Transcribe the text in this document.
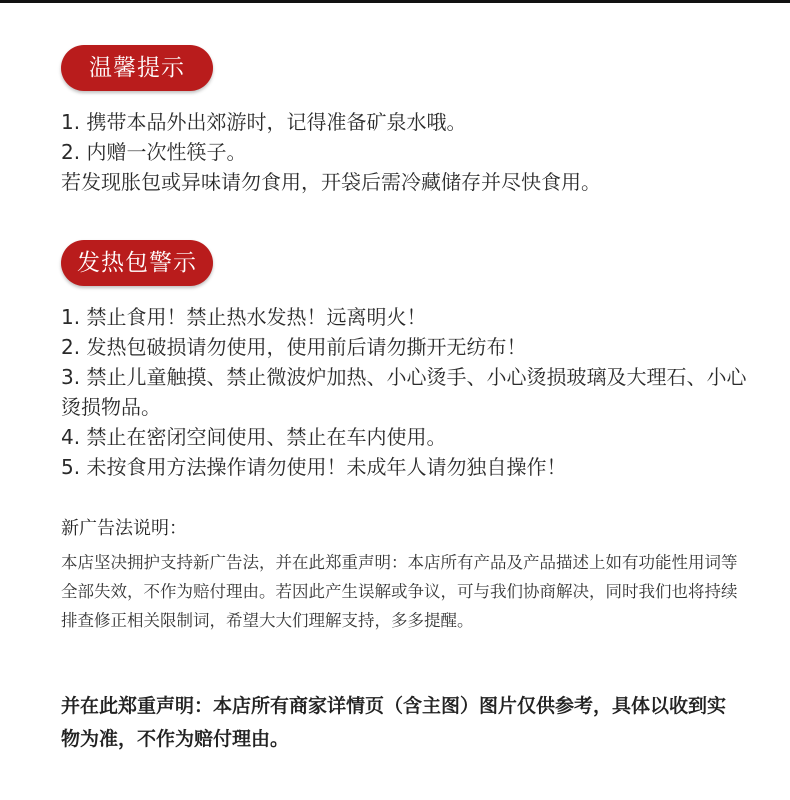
温馨提示
1. 携带本品外出郊游时，记得准备矿泉水哦。
2. 内赠一次性筷子。
若发现胀包或异味请勿食用，开袋后需冷藏储存并尽快食用。
发热包警示
1. 禁止食用！禁止热水发热！远离明火！
2. 发热包破损请勿使用，使用前后请勿撕开无纺布！
3. 禁止儿童触摸、禁止微波炉加热、小心烫手、小心烫损玻璃及大理石、小心烫损物品。
4. 禁止在密闭空间使用、禁止在车内使用。
5. 未按食用方法操作请勿使用！未成年人请勿独自操作！
新广告法说明：
本店坚决拥护支持新广告法，并在此郑重声明：本店所有产品及产品描述上如有功能性用词等全部失效，不作为赔付理由。若因此产生误解或争议，可与我们协商解决，同时我们也将持续排查修正相关限制词，希望大大们理解支持，多多提醒。
并在此郑重声明：本店所有商家详情页（含主图）图片仅供参考，具体以收到实物为准，不作为赔付理由。
